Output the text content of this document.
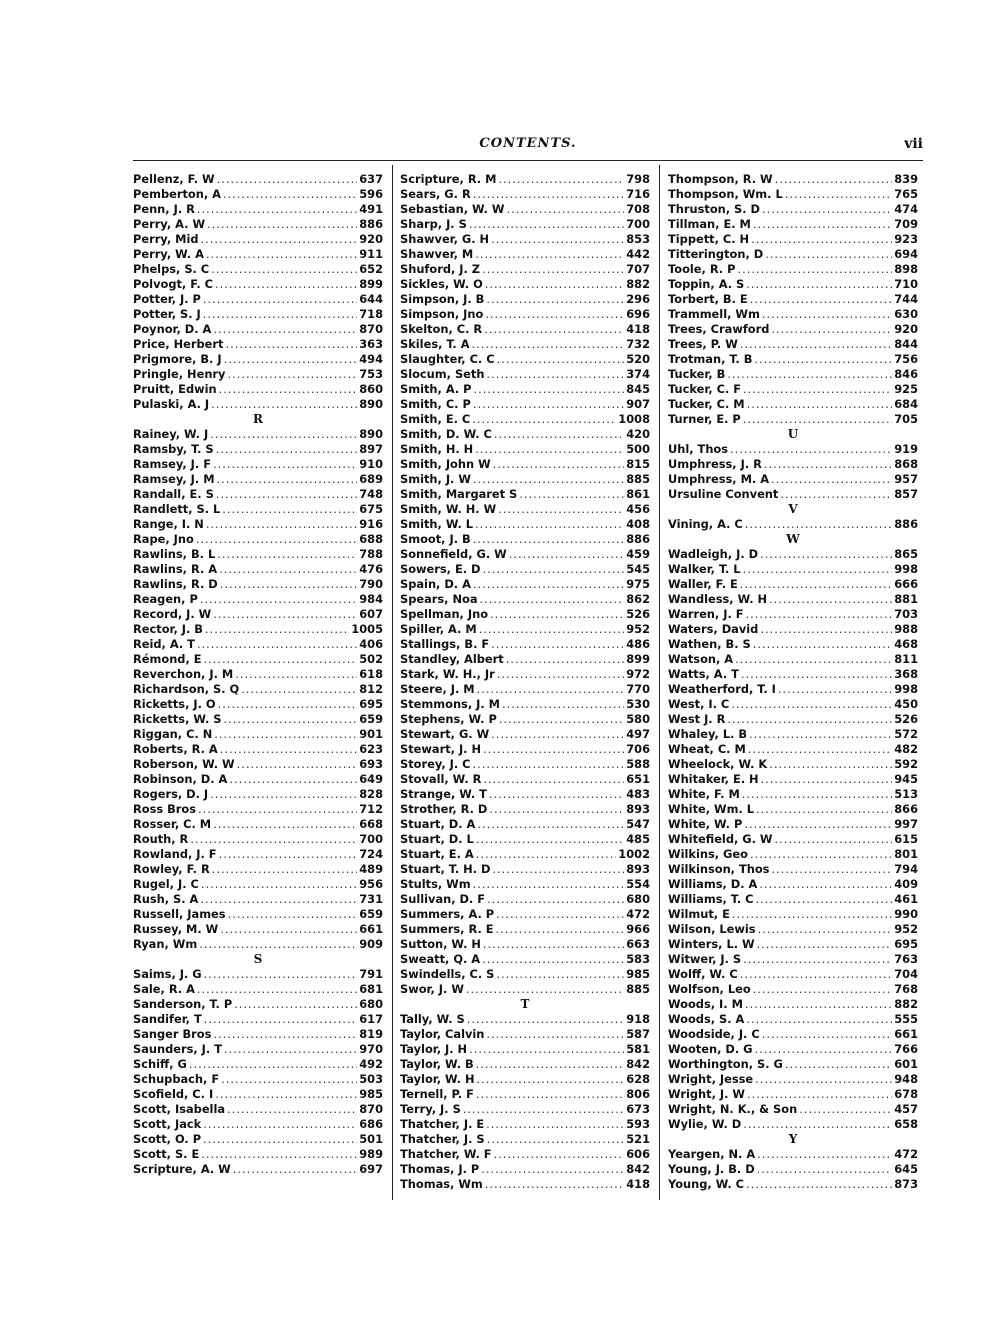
CONTENTS.	vii
Pellenz, F. W .....	637
Pemberton, A .....	596
Penn, J. R .....	491
Perry, A. W .....	886
Perry, Mid .....	920
Perry, W. A .....	911
Phelps, S. C .....	652
Polvogt, F. C .....	899
Potter, J. P .....	644
Potter, S. J .....	718
Poynor, D. A .....	870
Price, Herbert .....	363
Prigmore, B. J .....	494
Pringle, Henry .....	753
Pruitt, Edwin .....	860
Pulaski, A. J .....	890
R
Rainey, W. J .....	890
Ramsby, T. S .....	897
Ramsey, J. F .....	910
Ramsey, J. M .....	689
Randall, E. S .....	748
Randlett, S. L .....	675
Range, I. N .....	916
Rape, Jno .....	688
Rawlins, B. L .....	788
Rawlins, R. A .....	476
Rawlins, R. D .....	790
Reagen, P .....	984
Record, J. W .....	607
Rector, J. B .....	1005
Reid, A. T .....	406
Rémond, E .....	502
Reverchon, J. M .....	618
Richardson, S. Q .....	812
Ricketts, J. O .....	695
Ricketts, W. S .....	659
Riggan, C. N .....	901
Roberts, R. A .....	623
Roberson, W. W .....	693
Robinson, D. A .....	649
Rogers, D. J .....	828
Ross Bros .....	712
Rosser, C. M .....	668
Routh, R .....	700
Rowland, J. F .....	724
Rowley, F. R .....	489
Rugel, J. C .....	956
Rush, S. A .....	731
Russell, James .....	659
Russey, M. W .....	661
Ryan, Wm .....	909
S
Saims, J. G .....	791
Sale, R. A .....	681
Sanderson, T. P .....	680
Sandifer, T .....	617
Sanger Bros .....	819
Saunders, J. T .....	970
Schiff, G .....	492
Schupbach, F .....	503
Scofield, C. I .....	985
Scott, Isabella .....	870
Scott, Jack .....	686
Scott, O. P .....	501
Scott, S. E .....	989
Scripture, A. W .....	697
Scripture, R. M .....	798
Sears, G. R .....	716
Sebastian, W. W .....	708
Sharp, J. S .....	700
Shawver, G. H .....	853
Shawver, M .....	442
Shuford, J. Z .....	707
Sickles, W. O .....	882
Simpson, J. B .....	296
Simpson, Jno .....	696
Skelton, C. R .....	418
Skiles, T. A .....	732
Slaughter, C. C .....	520
Slocum, Seth .....	374
Smith, A. P .....	845
Smith, C. P .....	907
Smith, E. C .....	1008
Smith, D. W. C .....	420
Smith, H. H .....	500
Smith, John W .....	815
Smith, J. W .....	885
Smith, Margaret S .....	861
Smith, W. H. W .....	456
Smith, W. L .....	408
Smoot, J. B .....	886
Sonnefield, G. W .....	459
Sowers, E. D .....	545
Spain, D. A .....	975
Spears, Noa .....	862
Spellman, Jno .....	526
Spiller, A. M .....	952
Stallings, B. F .....	486
Standley, Albert .....	899
Stark, W. H., Jr .....	972
Steere, J. M .....	770
Stemmons, J. M .....	530
Stephens, W. P .....	580
Stewart, G. W .....	497
Stewart, J. H .....	706
Storey, J. C .....	588
Stovall, W. R .....	651
Strange, W. T .....	483
Strother, R. D .....	893
Stuart, D. A .....	547
Stuart, D. L .....	485
Stuart, E. A .....	1002
Stuart, T. H. D .....	893
Stults, Wm .....	554
Sullivan, D. F .....	680
Summers, A. P .....	472
Summers, R. E .....	966
Sutton, W. H .....	663
Sweatt, Q. A .....	583
Swindells, C. S .....	985
Swor, J. W .....	885
T
Tally, W. S .....	918
Taylor, Calvin .....	587
Taylor, J. H .....	581
Taylor, W. B .....	842
Taylor, W. H .....	628
Ternell, P. F .....	806
Terry, J. S .....	673
Thatcher, J. E .....	593
Thatcher, J. S .....	521
Thatcher, W. F .....	606
Thomas, J. P .....	842
Thomas, Wm .....	418
Thompson, R. W .....	839
Thompson, Wm. L .....	765
Thruston, S. D .....	474
Tillman, E. M .....	709
Tippett, C. H .....	923
Titterington, D .....	694
Toole, R. P .....	898
Toppin, A. S .....	710
Torbert, B. E .....	744
Trammell, Wm .....	630
Trees, Crawford .....	920
Trees, P. W .....	844
Trotman, T. B .....	756
Tucker, B .....	846
Tucker, C. F .....	925
Tucker, C. M .....	684
Turner, E. P .....	705
U
Uhl, Thos .....	919
Umphress, J. R .....	868
Umphress, M. A .....	957
Ursuline Convent .....	857
V
Vining, A. C .....	886
W
Wadleigh, J. D .....	865
Walker, T. L .....	998
Waller, F. E .....	666
Wandless, W. H .....	881
Warren, J. F .....	703
Waters, David .....	988
Wathen, B. S .....	468
Watson, A .....	811
Watts, A. T .....	368
Weatherford, T. I .....	998
West, I. C .....	450
West J. R .....	526
Whaley, L. B .....	572
Wheat, C. M .....	482
Wheelock, W. K .....	592
Whitaker, E. H .....	945
White, F. M .....	513
White, Wm. L .....	866
White, W. P .....	997
Whitefield, G. W .....	615
Wilkins, Geo .....	801
Wilkinson, Thos .....	794
Williams, D. A .....	409
Williams, T. C .....	461
Wilmut, E .....	990
Wilson, Lewis .....	952
Winters, L. W .....	695
Witwer, J. S .....	763
Wolff, W. C .....	704
Wolfson, Leo .....	768
Woods, I. M .....	882
Woods, S. A .....	555
Woodside, J. C .....	661
Wooten, D. G .....	766
Worthington, S. G .....	601
Wright, Jesse .....	948
Wright, J. W .....	678
Wright, N. K., & Son .....	457
Wylie, W. D .....	658
Y
Yeargen, N. A .....	472
Young, J. B. D .....	645
Young, W. C .....	873
